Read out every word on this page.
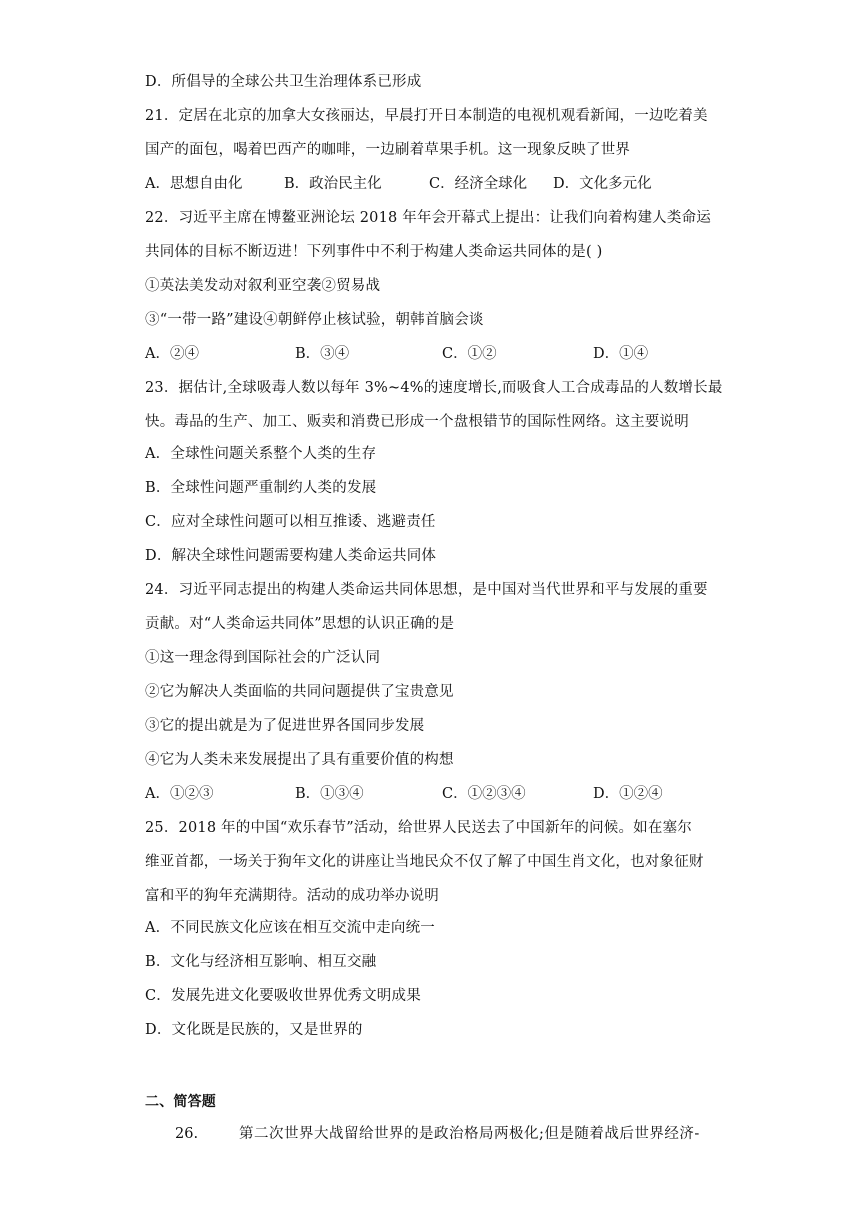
D．所倡导的全球公共卫生治理体系已形成
21．定居在北京的加拿大女孩丽达，早晨打开日本制造的电视机观看新闻，一边吃着美
国产的面包，喝着巴西产的咖啡，一边刷着草果手机。这一现象反映了世界
A．思想自由化	B．政治民主化	C．经济全球化 D．文化多元化
22．习近平主席在博鳌亚洲论坛 2018 年年会开幕式上提出：让我们向着构建人类命运
共同体的目标不断迈进！下列事件中不利于构建人类命运共同体的是( )
①英法美发动对叙利亚空袭②贸易战
③“一带一路”建设④朝鲜停止核试验，朝韩首脑会谈
A．②④	B．③④	C．①②	D．①④
23．据估计,全球吸毒人数以每年 3%~4%的速度增长,而吸食人工合成毒品的人数增长最
快。毒品的生产、加工、贩卖和消费已形成一个盘根错节的国际性网络。这主要说明
A．全球性问题关系整个人类的生存
B．全球性问题严重制约人类的发展
C．应对全球性问题可以相互推诿、逃避责任
D．解决全球性问题需要构建人类命运共同体
24．习近平同志提出的构建人类命运共同体思想，是中国对当代世界和平与发展的重要
贡献。对“人类命运共同体”思想的认识正确的是
①这一理念得到国际社会的广泛认同
②它为解决人类面临的共同问题提供了宝贵意见
③它的提出就是为了促进世界各国同步发展
④它为人类未来发展提出了具有重要价值的构想
A．①②③	B．①③④	C．①②③④	D．①②④
25．2018 年的中国“欢乐春节”活动，给世界人民送去了中国新年的问候。如在塞尔
维亚首都，一场关于狗年文化的讲座让当地民众不仅了解了中国生肖文化，也对象征财
富和平的狗年充满期待。活动的成功举办说明
A．不同民族文化应该在相互交流中走向统一
B．文化与经济相互影响、相互交融
C．发展先进文化要吸收世界优秀文明成果
D．文化既是民族的，又是世界的
二、简答题
26.	第二次世界大战留给世界的是政治格局两极化;但是随着战后世界经济-
